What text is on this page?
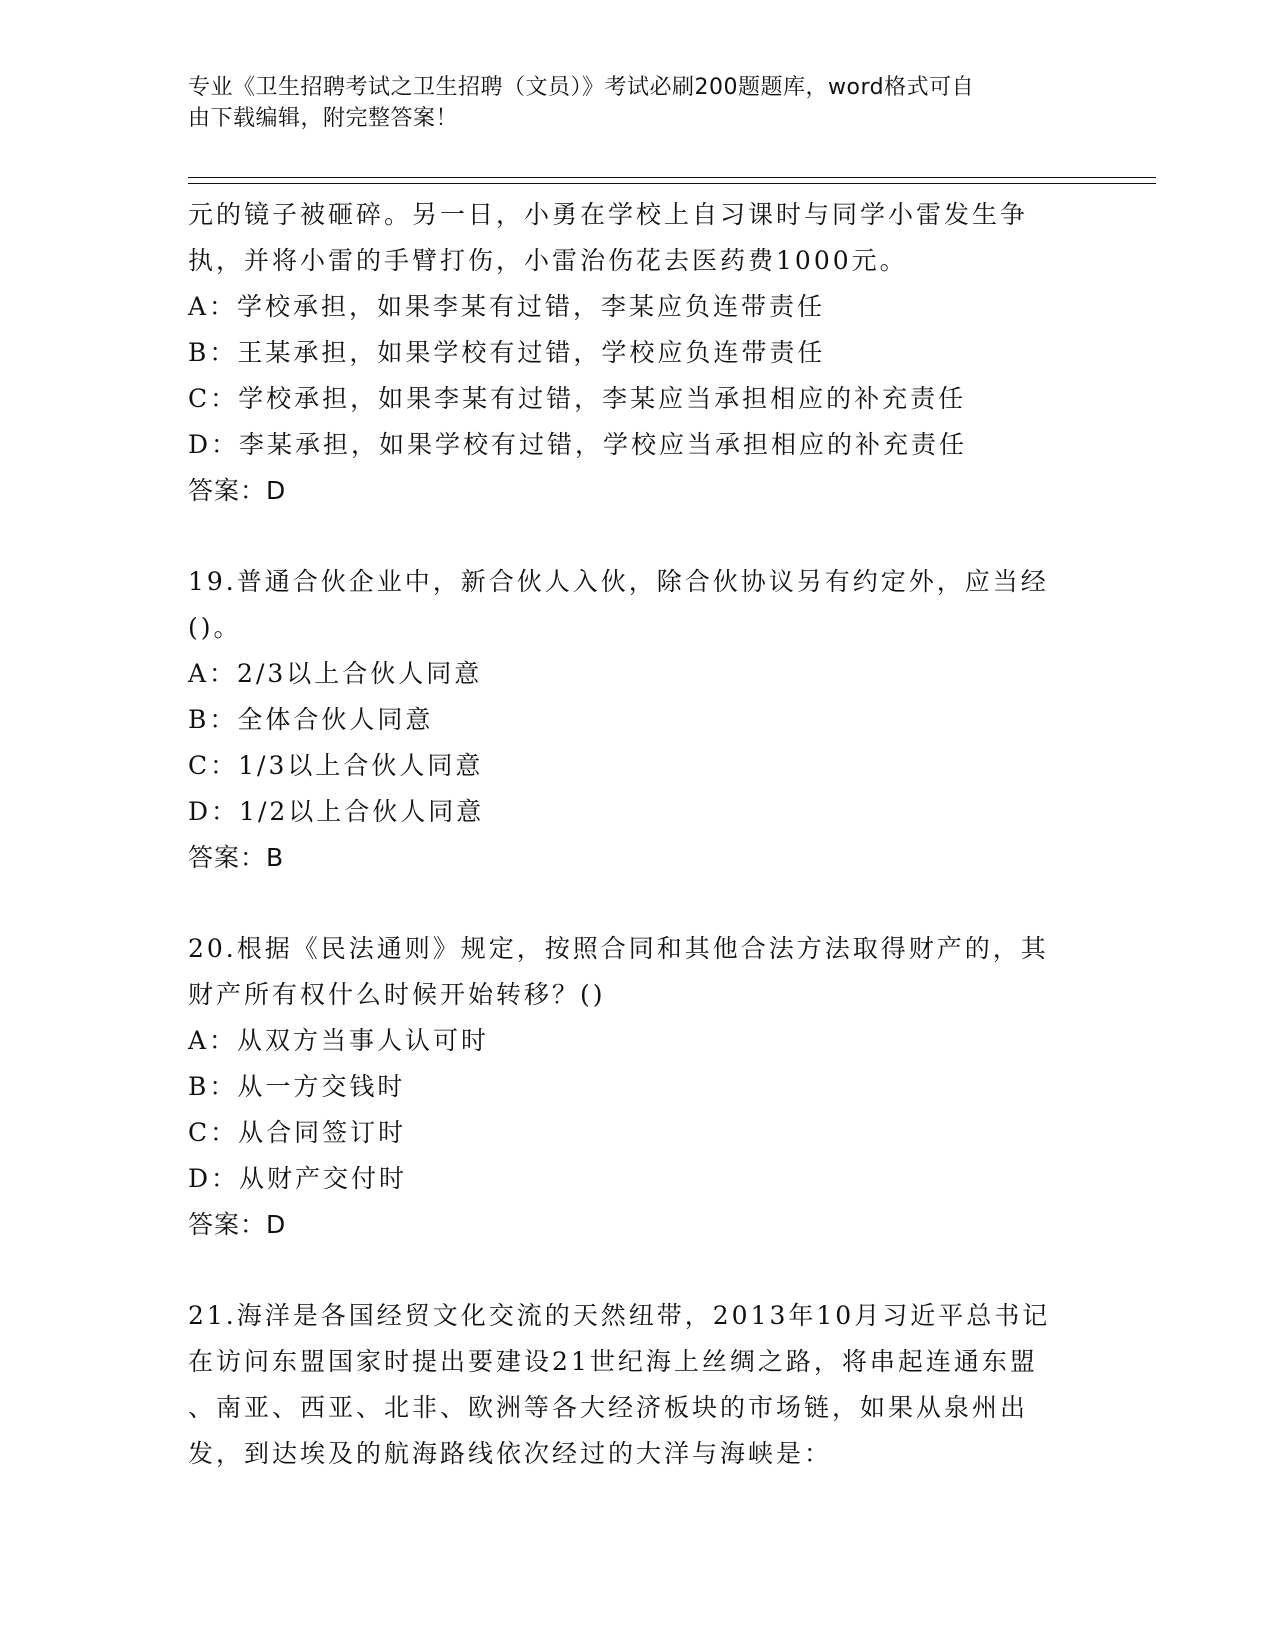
专业《卫生招聘考试之卫生招聘（文员）》考试必刷200题题库，word格式可自
由下载编辑，附完整答案！
元的镜子被砸碎。另一日，小勇在学校上自习课时与同学小雷发生争
执，并将小雷的手臂打伤，小雷治伤花去医药费1000元。
A：学校承担，如果李某有过错，李某应负连带责任
B：王某承担，如果学校有过错，学校应负连带责任
C：学校承担，如果李某有过错，李某应当承担相应的补充责任
D：李某承担，如果学校有过错，学校应当承担相应的补充责任
答案：D
19.普通合伙企业中，新合伙人入伙，除合伙协议另有约定外，应当经
()。
A：2/3以上合伙人同意
B：全体合伙人同意
C：1/3以上合伙人同意
D：1/2以上合伙人同意
答案：B
20.根据《民法通则》规定，按照合同和其他合法方法取得财产的，其
财产所有权什么时候开始转移？()
A：从双方当事人认可时
B：从一方交钱时
C：从合同签订时
D：从财产交付时
答案：D
21.海洋是各国经贸文化交流的天然纽带，2013年10月习近平总书记
在访问东盟国家时提出要建设21世纪海上丝绸之路，将串起连通东盟
、南亚、西亚、北非、欧洲等各大经济板块的市场链，如果从泉州出
发，到达埃及的航海路线依次经过的大洋与海峡是：
